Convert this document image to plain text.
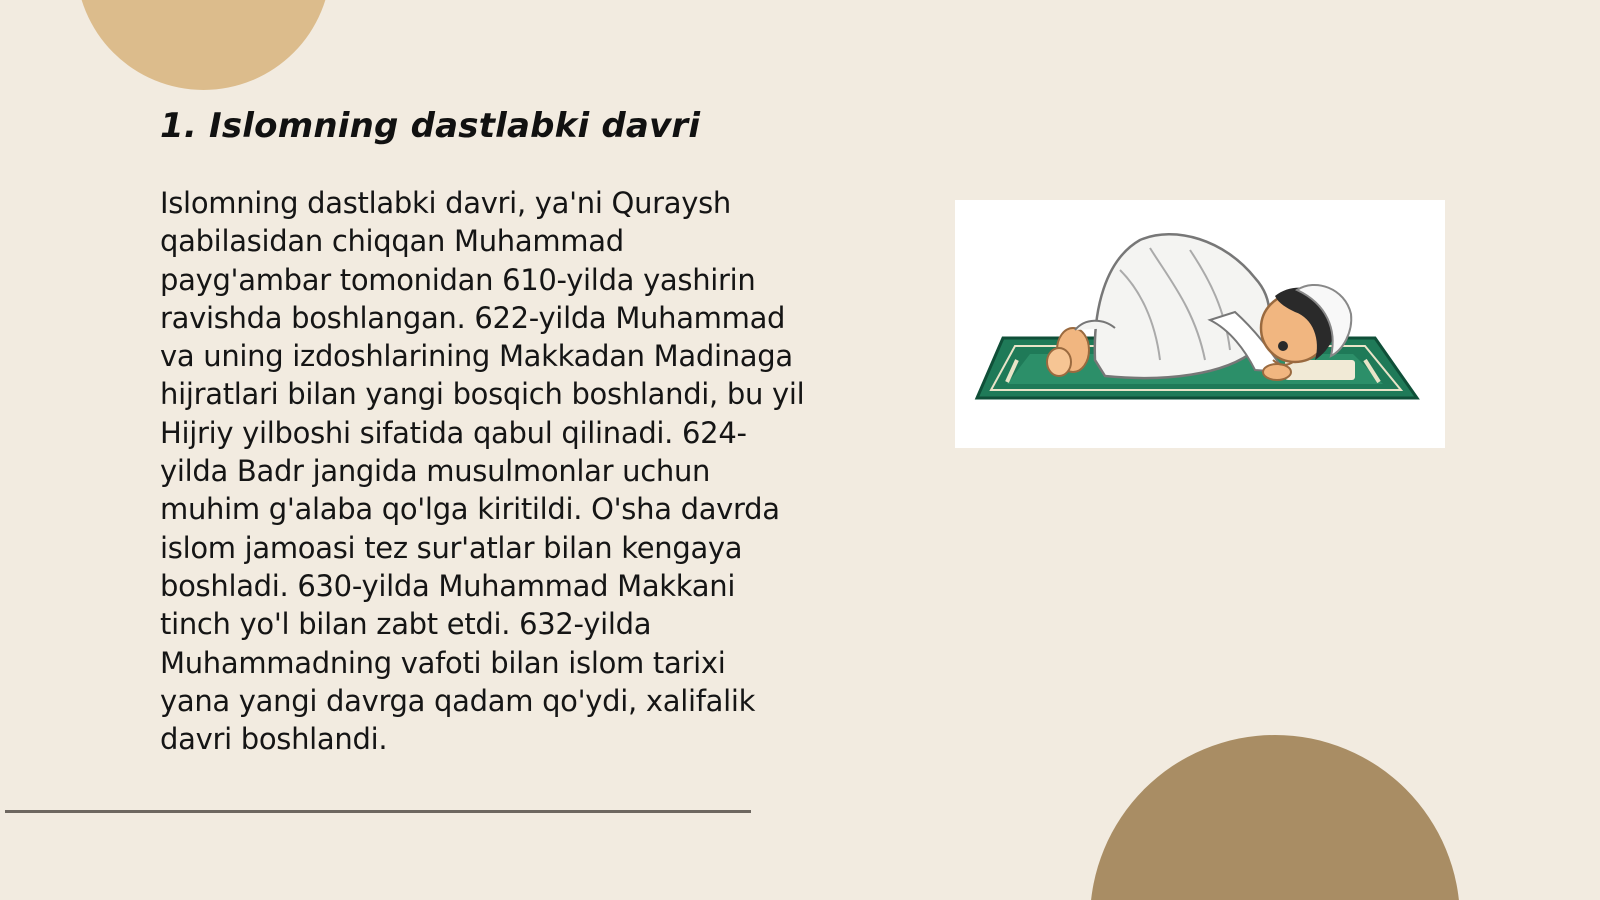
1. Islomning dastlabki davri

Islomning dastlabki davri, ya'ni Quraysh
qabilasidan chiqqan Muhammad
payg'ambar tomonidan 610-yilda yashirin
ravishda boshlangan. 622-yilda Muhammad
va uning izdoshlarining Makkadan Madinaga
hijratlari bilan yangi bosqich boshlandi, bu yil
Hijriy yilboshi sifatida qabul qilinadi. 624-
yilda Badr jangida musulmonlar uchun
muhim g'alaba qo'lga kiritildi. O'sha davrda
islom jamoasi tez sur'atlar bilan kengaya
boshladi. 630-yilda Muhammad Makkani
tinch yo'l bilan zabt etdi. 632-yilda
Muhammadning vafoti bilan islom tarixi
yana yangi davrga qadam qo'ydi, xalifalik
davri boshlandi.
